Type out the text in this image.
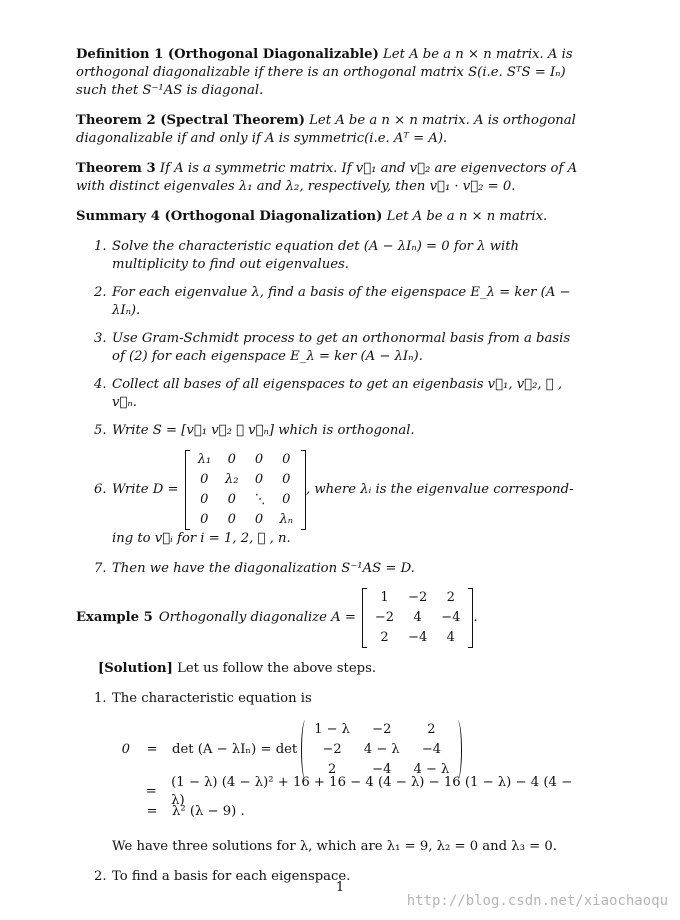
Definition 1 (Orthogonal Diagonalizable) Let A be a n × n matrix. A is orthogonal diagonalizable if there is an orthogonal matrix S(i.e. SᵀS = Iₙ) such thet S⁻¹AS is diagonal.

Theorem 2 (Spectral Theorem) Let A be a n × n matrix. A is orthogonal diagonalizable if and only if A is symmetric(i.e. Aᵀ = A).

Theorem 3 If A is a symmetric matrix. If v⃗₁ and v⃗₂ are eigenvectors of A with distinct eigenvales λ₁ and λ₂, respectively, then v⃗₁ · v⃗₂ = 0.

Summary 4 (Orthogonal Diagonalization) Let A be a n × n matrix.

1. Solve the characteristic equation det (A − λIₙ) = 0 for λ with multiplicity to find out eigenvalues.
2. For each eigenvalue λ, find a basis of the eigenspace E_λ = ker (A − λIₙ).
3. Use Gram-Schmidt process to get an orthonormal basis from a basis of (2) for each eigenspace E_λ = ker (A − λIₙ).
4. Collect all bases of all eigenspaces to get an eigenbasis v⃗₁, v⃗₂, ⋯ , v⃗ₙ.
5. Write S = [v⃗₁ v⃗₂ ⋯ v⃗ₙ] which is orthogonal.
6. Write D =
λ₁	0	0	0
0	λ₂	0	0
0	0	⋱	0
0	0	0	λₙ
, where λᵢ is the eigenvalue correspond-
ing to v⃗ᵢ for i = 1, 2, ⋯ , n.
7. Then we have the diagonalization S⁻¹AS = D.
Example 5 Orthogonally diagonalize A =
1	−2	2
−2	4	−4
2	−4	4
.

[Solution] Let us follow the above steps.

1. The characteristic equation is
0	=	det (A − λIₙ) = det
1 − λ	−2	2
−2	4 − λ	−4
2	−4	4 − λ
=
(1 − λ) (4 − λ)² + 16 + 16 − 4 (4 − λ) − 16 (1 − λ) − 4 (4 − λ)
=	λ² (λ − 9) .

We have three solutions for λ, which are λ₁ = 9, λ₂ = 0 and λ₃ = 0.

2. To find a basis for each eigenspace.
1
http://blog.csdn.net/xiaochaoqu
